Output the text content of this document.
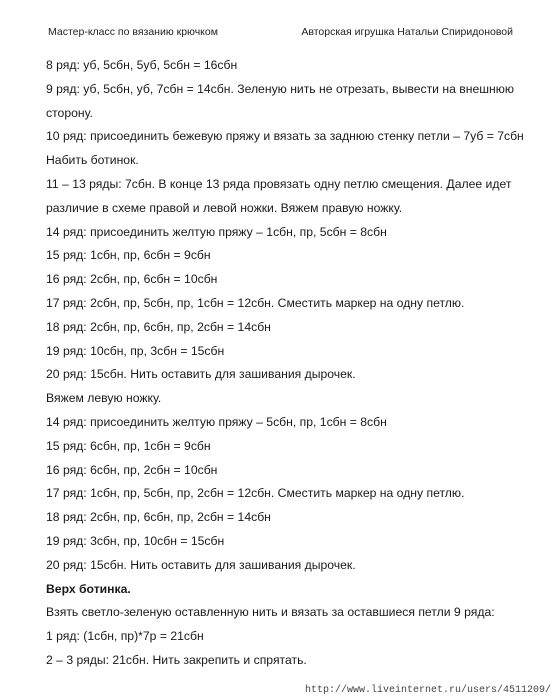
Мастер-класс по вязанию крючком	Авторская игрушка Натальи Спиридоновой
8 ряд: уб, 5сбн, 5уб, 5сбн = 16сбн
9 ряд: уб, 5сбн, уб, 7сбн = 14сбн. Зеленую нить не отрезать, вывести на внешнюю
сторону.
10 ряд: присоединить бежевую пряжу и вязать за заднюю стенку петли – 7уб = 7сбн
Набить ботинок.
11 – 13 ряды: 7сбн. В конце 13 ряда провязать одну петлю смещения. Далее идет
различие в схеме правой и левой ножки. Вяжем правую ножку.
14 ряд: присоединить желтую пряжу – 1сбн, пр, 5сбн = 8сбн
15 ряд: 1сбн, пр, 6сбн = 9сбн
16 ряд: 2сбн, пр, 6сбн = 10сбн
17 ряд: 2сбн, пр, 5сбн, пр, 1сбн = 12сбн. Сместить маркер на одну петлю.
18 ряд: 2сбн, пр, 6сбн, пр, 2сбн = 14сбн
19 ряд: 10сбн, пр, 3сбн = 15сбн
20 ряд: 15сбн. Нить оставить для зашивания дырочек.
Вяжем левую ножку.
14 ряд: присоединить желтую пряжу – 5сбн, пр, 1сбн = 8сбн
15 ряд: 6сбн, пр, 1сбн = 9сбн
16 ряд: 6сбн, пр, 2сбн = 10сбн
17 ряд: 1сбн, пр, 5сбн, пр, 2сбн = 12сбн. Сместить маркер на одну петлю.
18 ряд: 2сбн, пр, 6сбн, пр, 2сбн = 14сбн
19 ряд: 3сбн, пр, 10сбн = 15сбн
20 ряд: 15сбн. Нить оставить для зашивания дырочек.
Верх ботинка.
Взять светло-зеленую оставленную нить и вязать за оставшиеся петли 9 ряда:
1 ряд: (1сбн, пр)*7р = 21сбн
2 – 3 ряды: 21сбн. Нить закрепить и спрятать.
http://www.liveinternet.ru/users/4511209/
